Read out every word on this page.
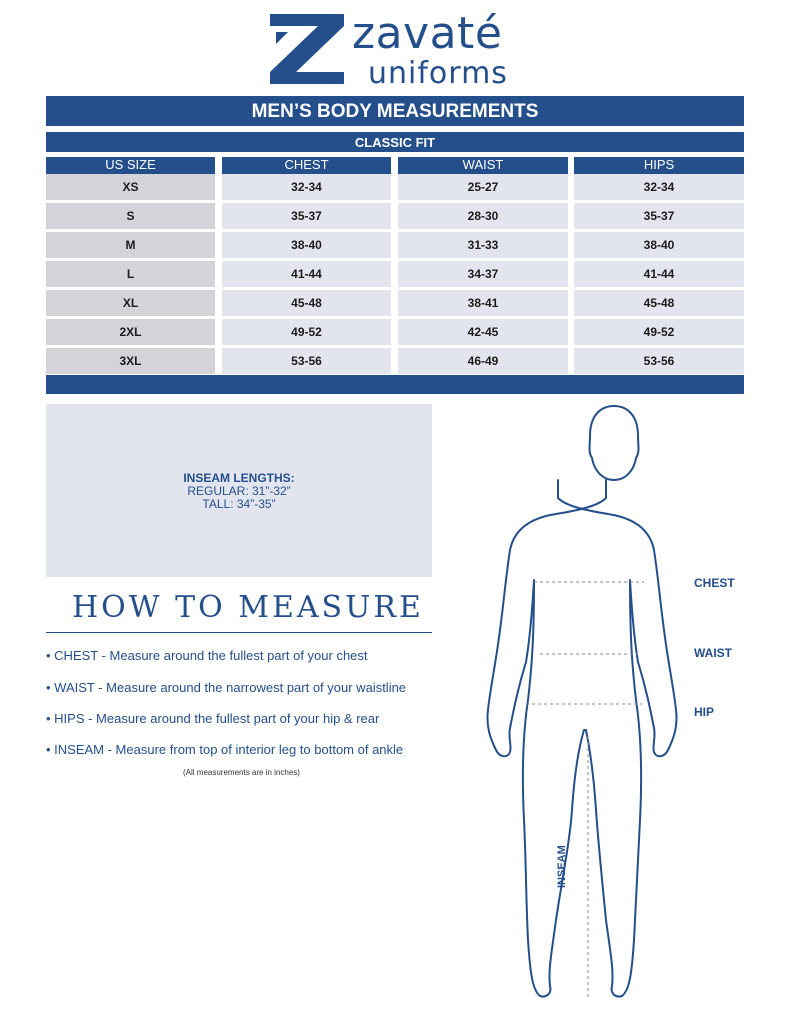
zavaté
uniforms
MEN’S BODY MEASUREMENTS
CLASSIC FIT
US SIZE	CHEST	WAIST	HIPS
XS	32-34	25-27	32-34
S	35-37	28-30	35-37
M	38-40	31-33	38-40
L	41-44	34-37	41-44
XL	45-48	38-41	45-48
2XL	49-52	42-45	49-52
3XL	53-56	46-49	53-56
INSEAM LENGTHS:
REGULAR: 31”-32”
TALL: 34”-35”
HOW TO MEASURE
• CHEST - Measure around the fullest part of your chest
• WAIST - Measure around the narrowest part of your waistline
• HIPS - Measure around the fullest part of your hip & rear
• INSEAM - Measure from top of interior leg to bottom of ankle
(All measurements are in inches)
CHEST
WAIST
HIP
INSEAM
